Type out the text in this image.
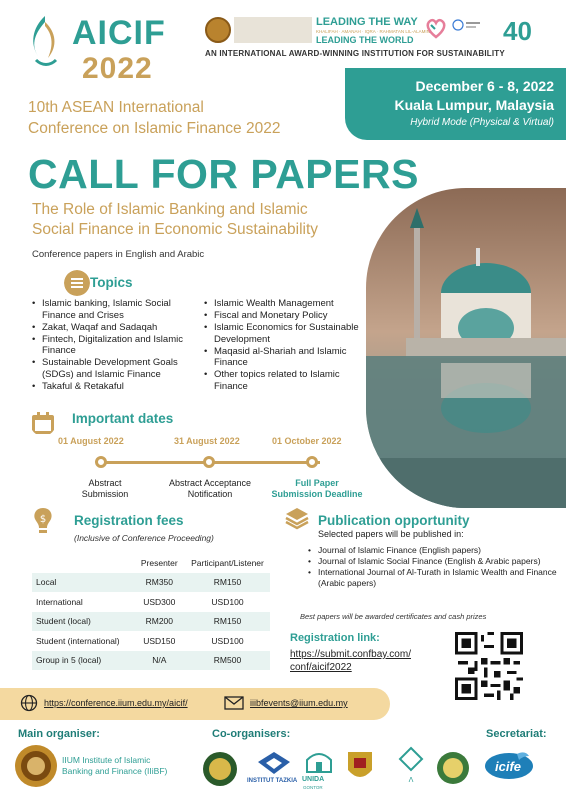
AICIF
2022
LEADING THE WAY
KHALIFAH · AMANAH · IQRA · RAHMATAN LIL-ALAMIN
LEADING THE WORLD	40
AN INTERNATIONAL AWARD-WINNING INSTITUTION FOR SUSTAINABILITY
December 6 - 8, 2022
Kuala Lumpur, Malaysia
Hybrid Mode (Physical & Virtual)
10th ASEAN International
Conference on Islamic Finance 2022
CALL FOR PAPERS
The Role of Islamic Banking and Islamic
Social Finance in Economic Sustainability
Conference papers in English and Arabic
Topics
• Islamic banking, Islamic Social Finance and Crises
• Zakat, Waqaf and Sadaqah
• Fintech, Digitalization and Islamic Finance
• Sustainable Development Goals (SDGs) and Islamic Finance
• Takaful & Retakaful
• Islamic Wealth Management
• Fiscal and Monetary Policy
• Islamic Economics for Sustainable Development
• Maqasid al-Shariah and Islamic Finance
• Other topics related to Islamic Finance
Important dates
01 August 2022	31 August 2022	01 October 2022
Abstract
Submission
Abstract Acceptance
Notification
Full Paper
Submission Deadline
$ Registration fees
(Inclusive of Conference Proceeding)
	Presenter	Participant/Listener
Local	RM350	RM150
International	USD300	USD100
Student (local)	RM200	RM150
Student (international)	USD150	USD100
Group in 5 (local)	N/A	RM500
Publication opportunity
Selected papers will be published in:
• Journal of Islamic Finance (English papers)
• Journal of Islamic Social Finance (English & Arabic papers)
• International Journal of Al-Turath in Islamic Wealth and Finance (Arabic papers)
Best papers will be awarded certificates and cash prizes
Registration link:
https://submit.confbay.com/
conf/aicif2022
https://conference.iium.edu.my/aicif/	iiibfevents@iium.edu.my
Main organiser:
IIUM Institute of Islamic
Banking and Finance (IIiBF)
Co-organisers:
INSTITUT TAZKIA UNIDA
GONTOR
ᐱ
Secretariat:
icife
